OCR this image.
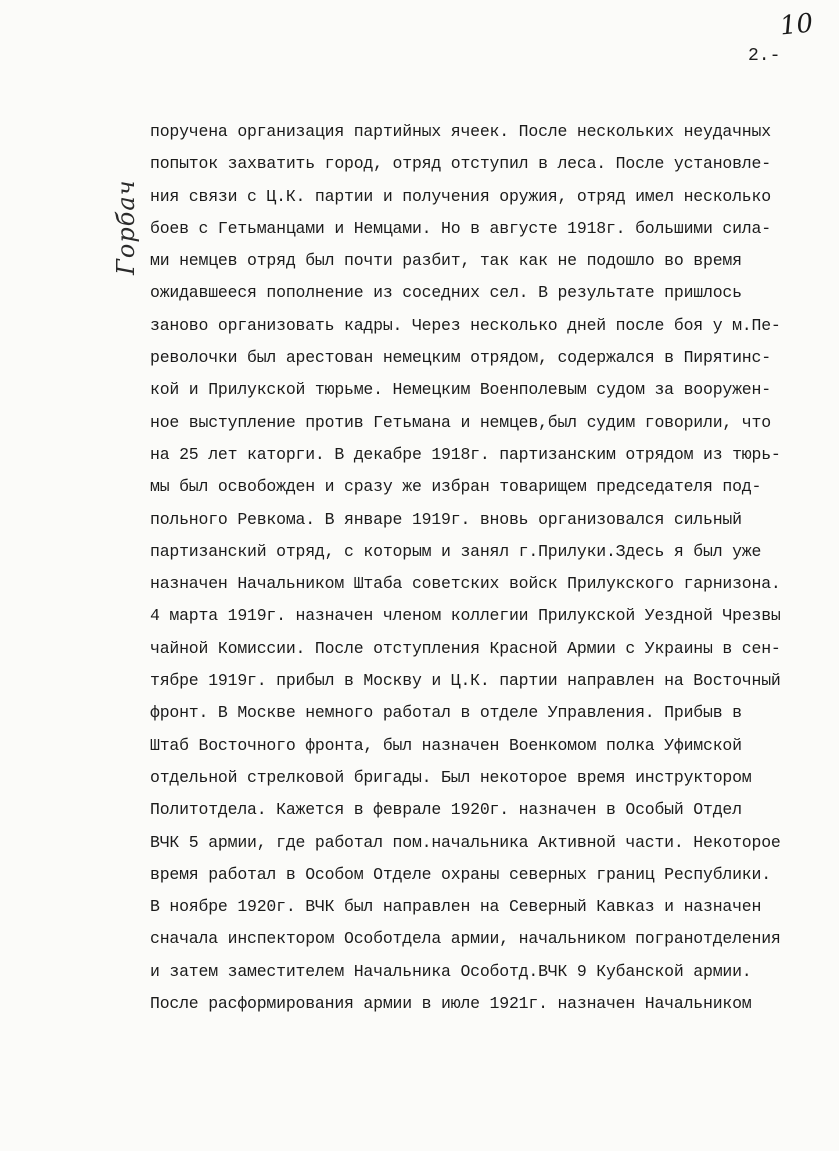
10
2.-
Горбач
поручена организация партийных ячеек. После нескольких неудачных
попыток захватить город, отряд отступил в леса. После установле-
ния связи с Ц.К. партии и получения оружия, отряд имел несколько
боев с Гетьманцами и Немцами. Но в августе 1918г. большими сила-
ми немцев отряд был почти разбит, так как не подошло во время
ожидавшееся пополнение из соседних сел. В результате пришлось
заново организовать кадры. Через несколько дней после боя у м.Пе-
револочки был арестован немецким отрядом, содержался в Пирятинс-
кой и Прилукской тюрьме. Немецким Военполевым судом за вооружен-
ное выступление против Гетьмана и немцев,был судим говорили, что
на 25 лет каторги. В декабре 1918г. партизанским отрядом из тюрь-
мы был освобожден и сразу же избран товарищем председателя под-
польного Ревкома. В январе 1919г. вновь организовался сильный
партизанский отряд, с которым и занял г.Прилуки.Здесь я был уже
назначен Начальником Штаба советских войск Прилукского гарнизона.
4 марта 1919г. назначен членом коллегии Прилукской Уездной Чрезвы
чайной Комиссии. После отступления Красной Армии с Украины в сен-
тябре 1919г. прибыл в Москву и Ц.К. партии направлен на Восточный
фронт. В Москве немного работал в отделе Управления. Прибыв в
Штаб Восточного фронта, был назначен Военкомом полка Уфимской
отдельной стрелковой бригады. Был некоторое время инструктором
Политотдела. Кажется в феврале 1920г. назначен в Особый Отдел
ВЧК 5 армии, где работал пом.начальника Активной части. Некоторое
время работал в Особом Отделе охраны северных границ Республики.
В ноябре 1920г. ВЧК был направлен на Северный Кавказ и назначен
сначала инспектором Особотдела армии, начальником погранотделения
и затем заместителем Начальника Особотд.ВЧК 9 Кубанской армии.
После расформирования армии в июле 1921г. назначен Начальником
